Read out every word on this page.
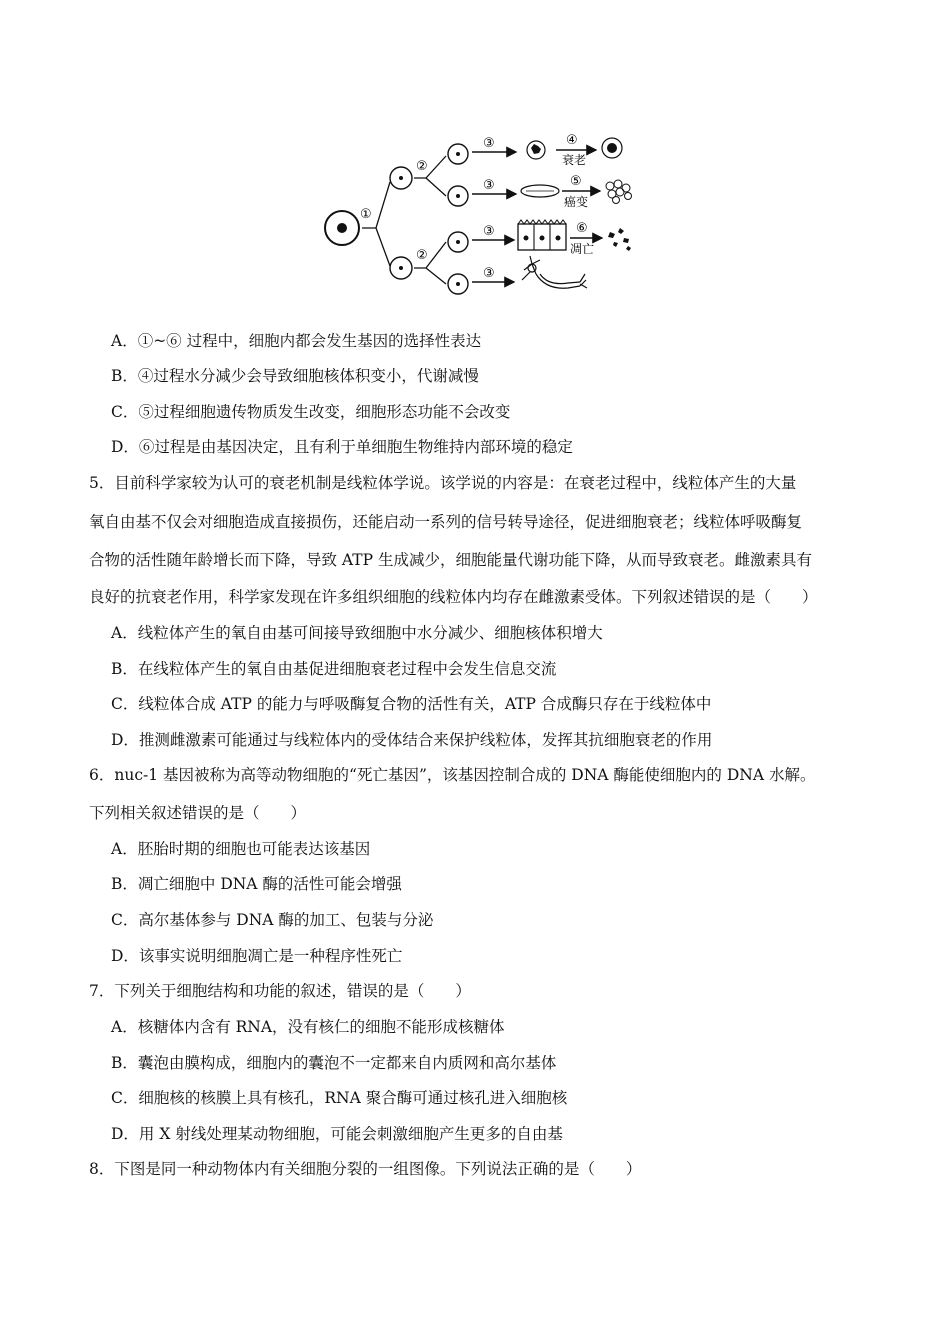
①
②
②
③
③
③
③
④
衰老
⑤
癌变
⑥
凋亡
A．①~⑥ 过程中，细胞内都会发生基因的选择性表达
B．④过程水分减少会导致细胞核体积变小，代谢减慢
C．⑤过程细胞遗传物质发生改变，细胞形态功能不会改变
D．⑥过程是由基因决定，且有利于单细胞生物维持内部环境的稳定
5．目前科学家较为认可的衰老机制是线粒体学说。该学说的内容是：在衰老过程中，线粒体产生的大量
氧自由基不仅会对细胞造成直接损伤，还能启动一系列的信号转导途径，促进细胞衰老；线粒体呼吸酶复
合物的活性随年龄增长而下降，导致 ATP 生成减少，细胞能量代谢功能下降，从而导致衰老。雌激素具有
良好的抗衰老作用，科学家发现在许多组织细胞的线粒体内均存在雌激素受体。下列叙述错误的是（　　）
A．线粒体产生的氧自由基可间接导致细胞中水分减少、细胞核体积增大
B．在线粒体产生的氧自由基促进细胞衰老过程中会发生信息交流
C．线粒体合成 ATP 的能力与呼吸酶复合物的活性有关，ATP 合成酶只存在于线粒体中
D．推测雌激素可能通过与线粒体内的受体结合来保护线粒体，发挥其抗细胞衰老的作用
6．nuc-1 基因被称为高等动物细胞的“死亡基因”，该基因控制合成的 DNA 酶能使细胞内的 DNA 水解。
下列相关叙述错误的是（　　）
A．胚胎时期的细胞也可能表达该基因
B．凋亡细胞中 DNA 酶的活性可能会增强
C．高尔基体参与 DNA 酶的加工、包装与分泌
D．该事实说明细胞凋亡是一种程序性死亡
7．下列关于细胞结构和功能的叙述，错误的是（　　）
A．核糖体内含有 RNA，没有核仁的细胞不能形成核糖体
B．囊泡由膜构成，细胞内的囊泡不一定都来自内质网和高尔基体
C．细胞核的核膜上具有核孔，RNA 聚合酶可通过核孔进入细胞核
D．用 X 射线处理某动物细胞，可能会刺激细胞产生更多的自由基
8．下图是同一种动物体内有关细胞分裂的一组图像。下列说法正确的是（　　）
